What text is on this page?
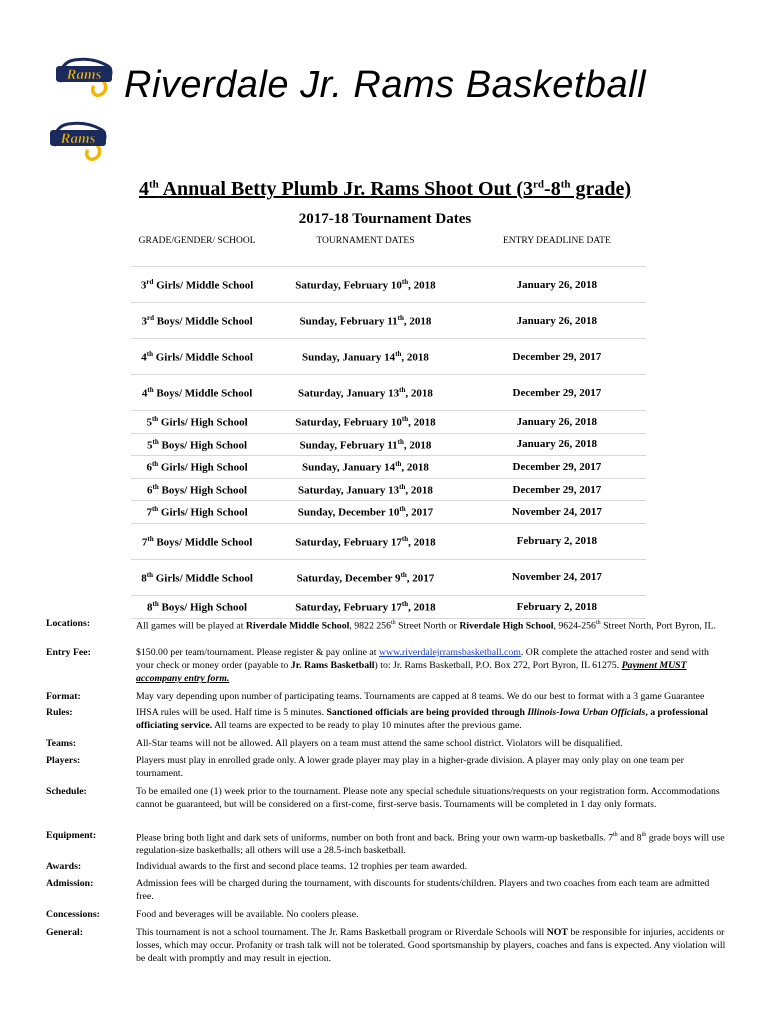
Rams
Rams
Riverdale Jr. Rams Basketball
4th Annual Betty Plumb Jr. Rams Shoot Out (3rd-8th grade)
2017-18 Tournament Dates
GRADE/GENDER/ SCHOOL	TOURNAMENT DATES	ENTRY DEADLINE DATE
3rd Girls/ Middle School	Saturday, February 10th, 2018	January 26, 2018
3rd Boys/ Middle School	Sunday, February 11th, 2018	January 26, 2018
4th Girls/ Middle School	Sunday, January 14th, 2018	December 29, 2017
4th Boys/ Middle School	Saturday, January 13th, 2018	December 29, 2017
5th Girls/ High School	Saturday, February 10th, 2018	January 26, 2018
5th Boys/ High School	Sunday, February 11th, 2018	January 26, 2018
6th Girls/ High School	Sunday, January 14th, 2018	December 29, 2017
6th Boys/ High School	Saturday, January 13th, 2018	December 29, 2017
7th Girls/ High School	Sunday, December 10th, 2017	November 24, 2017
7th Boys/ Middle School	Saturday, February 17th, 2018	February 2, 2018
8th Girls/ Middle School	Saturday, December 9th, 2017	November 24, 2017
8th Boys/ High School	Saturday, February 17th, 2018	February 2, 2018
Locations:	All games will be played at Riverdale Middle School, 9822 256th Street North or Riverdale High School, 9624-256th Street North, Port Byron, IL.
Entry Fee:	$150.00 per team/tournament. Please register & pay online at www.riverdalejrramsbasketball.com. OR complete the attached roster and send with your check or money order (payable to Jr. Rams Basketball) to: Jr. Rams Basketball, P.O. Box 272, Port Byron, IL 61275. Payment MUST accompany entry form.
Format:	May vary depending upon number of participating teams. Tournaments are capped at 8 teams. We do our best to format with a 3 game Guarantee
Rules:	IHSA rules will be used. Half time is 5 minutes. Sanctioned officials are being provided through Illinois-Iowa Urban Officials, a professional officiating service. All teams are expected to be ready to play 10 minutes after the previous game.
Teams:	All-Star teams will not be allowed. All players on a team must attend the same school district. Violators will be disqualified.
Players:	Players must play in enrolled grade only. A lower grade player may play in a higher-grade division. A player may only play on one team per tournament.
Schedule:	To be emailed one (1) week prior to the tournament. Please note any special schedule situations/requests on your registration form. Accommodations cannot be guaranteed, but will be considered on a first-come, first-serve basis. Tournaments will be completed in 1 day only formats.
Equipment:	Please bring both light and dark sets of uniforms, number on both front and back. Bring your own warm-up basketballs. 7th and 8th grade boys will use regulation-size basketballs; all others will use a 28.5-inch basketball.
Awards:	Individual awards to the first and second place teams. 12 trophies per team awarded.
Admission:	Admission fees will be charged during the tournament, with discounts for students/children. Players and two coaches from each team are admitted free.
Concessions:	Food and beverages will be available. No coolers please.
General:	This tournament is not a school tournament. The Jr. Rams Basketball program or Riverdale Schools will NOT be responsible for injuries, accidents or losses, which may occur. Profanity or trash talk will not be tolerated. Good sportsmanship by players, coaches and fans is expected. Any violation will be dealt with promptly and may result in ejection.
